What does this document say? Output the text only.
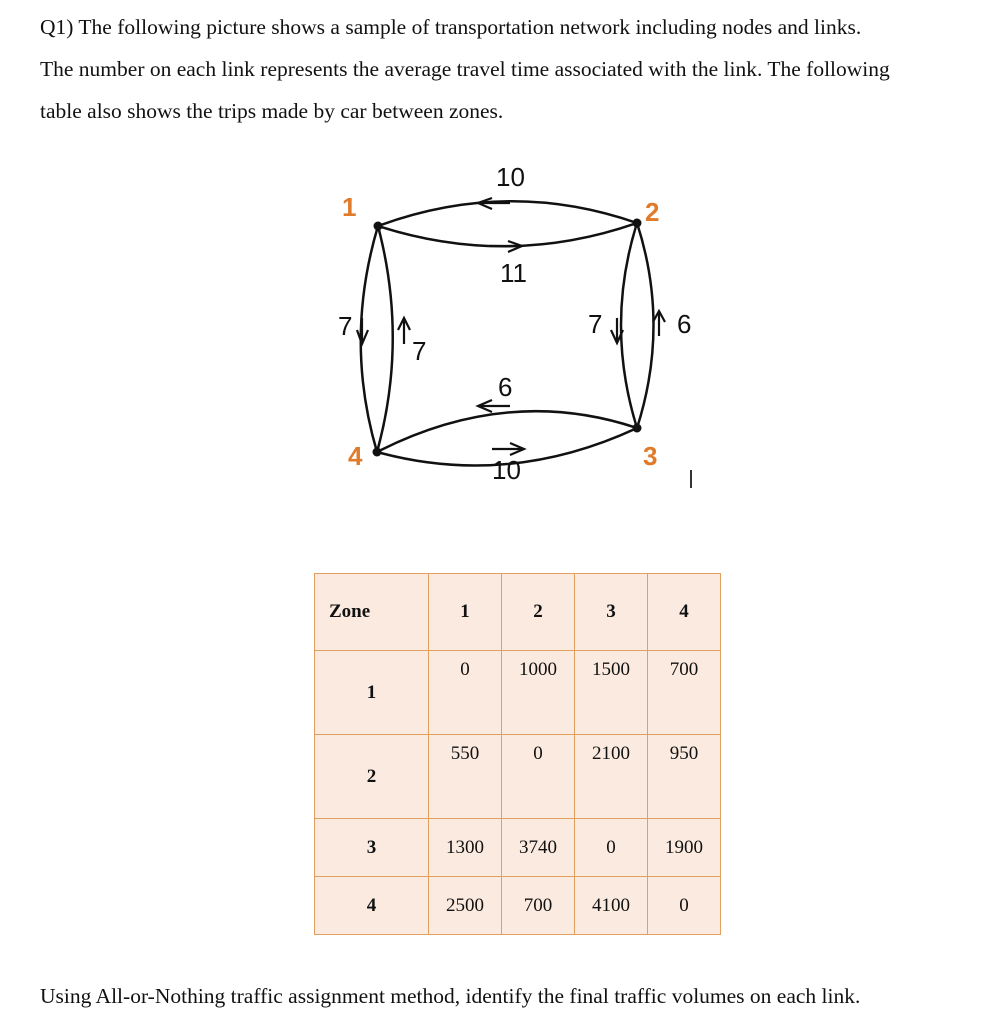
Q1) The following picture shows a sample of transportation network including nodes and links.
The number on each link represents the average travel time associated with the link. The following
table also shows the trips made by car between zones.
1	2
3
4
10
11
7
7
7	6
6
10
Zone	1	2	3	4
1	0	1000	1500	700
2	550	0	2100	950
3	1300	3740	0	1900
4	2500	700	4100	0
Using All-or-Nothing traffic assignment method, identify the final traffic volumes on each link.
